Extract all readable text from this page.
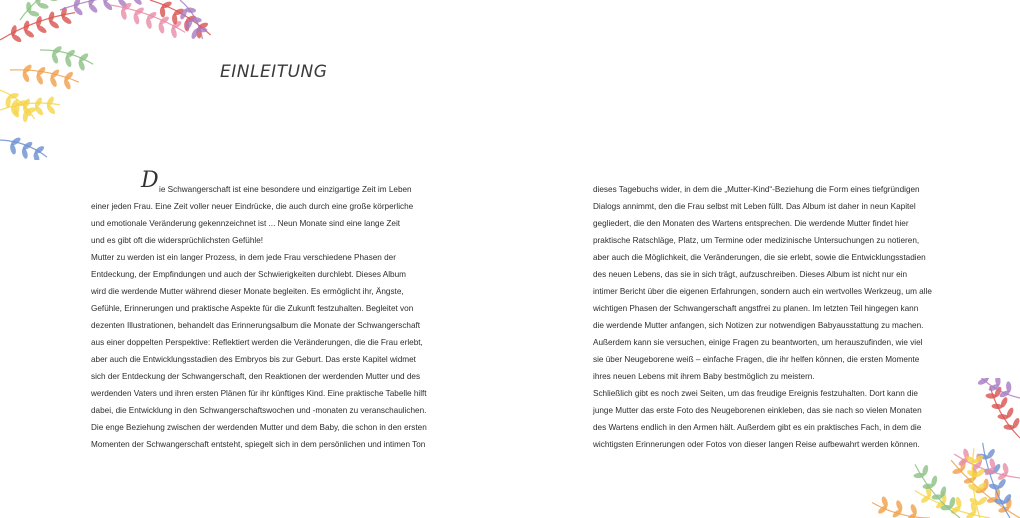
EINLEITUNG
D ie Schwangerschaft ist eine besondere und einzigartige Zeit im Leben
einer jeden Frau. Eine Zeit voller neuer Eindrücke, die auch durch eine große körperliche
und emotionale Veränderung gekennzeichnet ist ... Neun Monate sind eine lange Zeit
und es gibt oft die widersprüchlichsten Gefühle!
Mutter zu werden ist ein langer Prozess, in dem jede Frau verschiedene Phasen der
Entdeckung, der Empfindungen und auch der Schwierigkeiten durchlebt. Dieses Album
wird die werdende Mutter während dieser Monate begleiten. Es ermöglicht ihr, Ängste,
Gefühle, Erinnerungen und praktische Aspekte für die Zukunft festzuhalten. Begleitet von
dezenten Illustrationen, behandelt das Erinnerungsalbum die Monate der Schwangerschaft
aus einer doppelten Perspektive: Reflektiert werden die Veränderungen, die die Frau erlebt,
aber auch die Entwicklungsstadien des Embryos bis zur Geburt. Das erste Kapitel widmet
sich der Entdeckung der Schwangerschaft, den Reaktionen der werdenden Mutter und des
werdenden Vaters und ihren ersten Plänen für ihr künftiges Kind. Eine praktische Tabelle hilft
dabei, die Entwicklung in den Schwangerschaftswochen und -monaten zu veranschaulichen.
Die enge Beziehung zwischen der werdenden Mutter und dem Baby, die schon in den ersten
Momenten der Schwangerschaft entsteht, spiegelt sich in dem persönlichen und intimen Ton
dieses Tagebuchs wider, in dem die „Mutter-Kind“-Beziehung die Form eines tiefgründigen
Dialogs annimmt, den die Frau selbst mit Leben füllt. Das Album ist daher in neun Kapitel
gegliedert, die den Monaten des Wartens entsprechen. Die werdende Mutter findet hier
praktische Ratschläge, Platz, um Termine oder medizinische Untersuchungen zu notieren,
aber auch die Möglichkeit, die Veränderungen, die sie erlebt, sowie die Entwicklungsstadien
des neuen Lebens, das sie in sich trägt, aufzuschreiben. Dieses Album ist nicht nur ein
intimer Bericht über die eigenen Erfahrungen, sondern auch ein wertvolles Werkzeug, um alle
wichtigen Phasen der Schwangerschaft angstfrei zu planen. Im letzten Teil hingegen kann
die werdende Mutter anfangen, sich Notizen zur notwendigen Babyausstattung zu machen.
Außerdem kann sie versuchen, einige Fragen zu beantworten, um herauszufinden, wie viel
sie über Neugeborene weiß – einfache Fragen, die ihr helfen können, die ersten Momente
ihres neuen Lebens mit ihrem Baby bestmöglich zu meistern.
Schließlich gibt es noch zwei Seiten, um das freudige Ereignis festzuhalten. Dort kann die
junge Mutter das erste Foto des Neugeborenen einkleben, das sie nach so vielen Monaten
des Wartens endlich in den Armen hält. Außerdem gibt es ein praktisches Fach, in dem die
wichtigsten Erinnerungen oder Fotos von dieser langen Reise aufbewahrt werden können.
